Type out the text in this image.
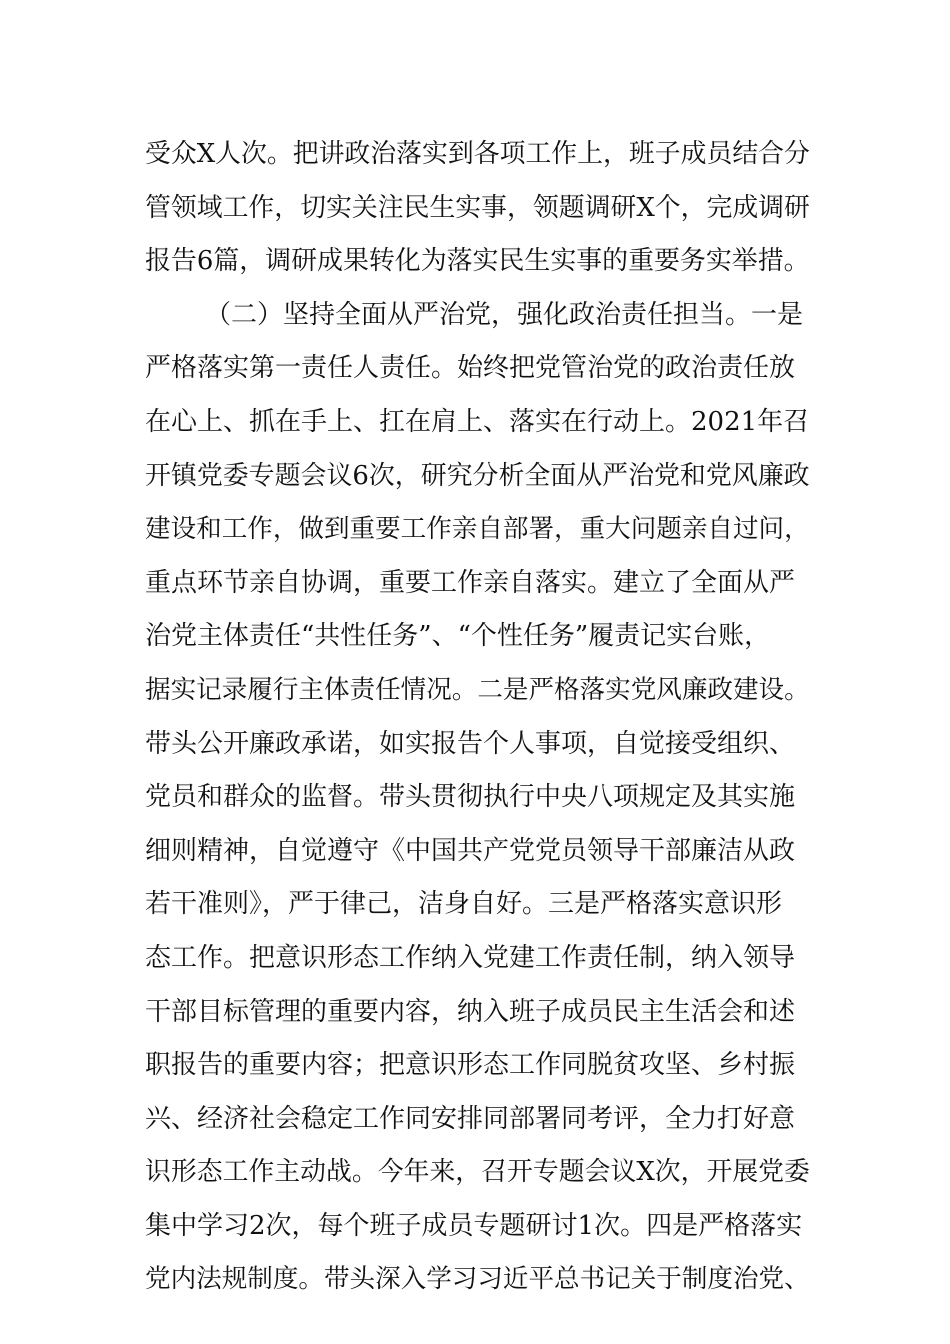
受众X人次。把讲政治落实到各项工作上，班子成员结合分
管领域工作，切实关注民生实事，领题调研X个，完成调研
报告6篇，调研成果转化为落实民生实事的重要务实举措。
（二）坚持全面从严治党，强化政治责任担当。一是
严格落实第一责任人责任。始终把党管治党的政治责任放
在心上、抓在手上、扛在肩上、落实在行动上。2021年召
开镇党委专题会议6次，研究分析全面从严治党和党风廉政
建设和工作，做到重要工作亲自部署，重大问题亲自过问，
重点环节亲自协调，重要工作亲自落实。建立了全面从严
治党主体责任“共性任务”、“个性任务”履责记实台账，
据实记录履行主体责任情况。二是严格落实党风廉政建设。
带头公开廉政承诺，如实报告个人事项，自觉接受组织、
党员和群众的监督。带头贯彻执行中央八项规定及其实施
细则精神，自觉遵守《中国共产党党员领导干部廉洁从政
若干准则》，严于律己，洁身自好。三是严格落实意识形
态工作。把意识形态工作纳入党建工作责任制，纳入领导
干部目标管理的重要内容，纳入班子成员民主生活会和述
职报告的重要内容；把意识形态工作同脱贫攻坚、乡村振
兴、经济社会稳定工作同安排同部署同考评，全力打好意
识形态工作主动战。今年来，召开专题会议X次，开展党委
集中学习2次，每个班子成员专题研讨1次。四是严格落实
党内法规制度。带头深入学习习近平总书记关于制度治党、
